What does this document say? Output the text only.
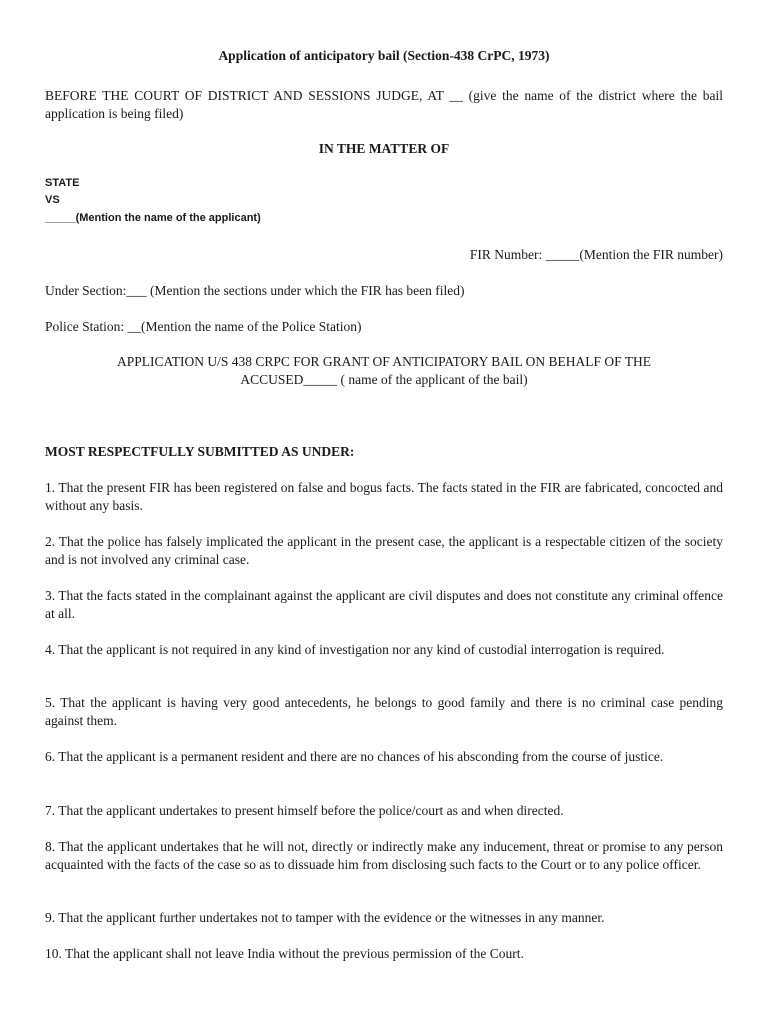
Application of anticipatory bail (Section-438 CrPC, 1973)
BEFORE THE COURT OF DISTRICT AND SESSIONS JUDGE, AT __ (give the name of the district where the bail application is being filed)
IN THE MATTER OF
STATE
VS
_____(Mention the name of the applicant)
FIR Number: _____(Mention the FIR number)
Under Section:___ (Mention the sections under which the FIR has been filed)
Police Station: __(Mention the name of the Police Station)
APPLICATION U/S 438 CRPC FOR GRANT OF ANTICIPATORY BAIL ON BEHALF OF THE ACCUSED_____ ( name of the applicant of the bail)
MOST RESPECTFULLY SUBMITTED AS UNDER:
1. That the present FIR has been registered on false and bogus facts. The facts stated in the FIR are fabricated, concocted and without any basis.
2. That the police has falsely implicated the applicant in the present case, the applicant is a respectable citizen of the society and is not involved any criminal case.
3. That the facts stated in the complainant against the applicant are civil disputes and does not constitute any criminal offence at all.
4. That the applicant is not required in any kind of investigation nor any kind of custodial interrogation is required.
5. That the applicant is having very good antecedents, he belongs to good family and there is no criminal case pending against them.
6. That the applicant is a permanent resident and there are no chances of his absconding from the course of justice.
7. That the applicant undertakes to present himself before the police/court as and when directed.
8. That the applicant undertakes that he will not, directly or indirectly make any inducement, threat or promise to any person acquainted with the facts of the case so as to dissuade him from disclosing such facts to the Court or to any police officer.
9. That the applicant further undertakes not to tamper with the evidence or the witnesses in any manner.
10. That the applicant shall not leave India without the previous permission of the Court.
